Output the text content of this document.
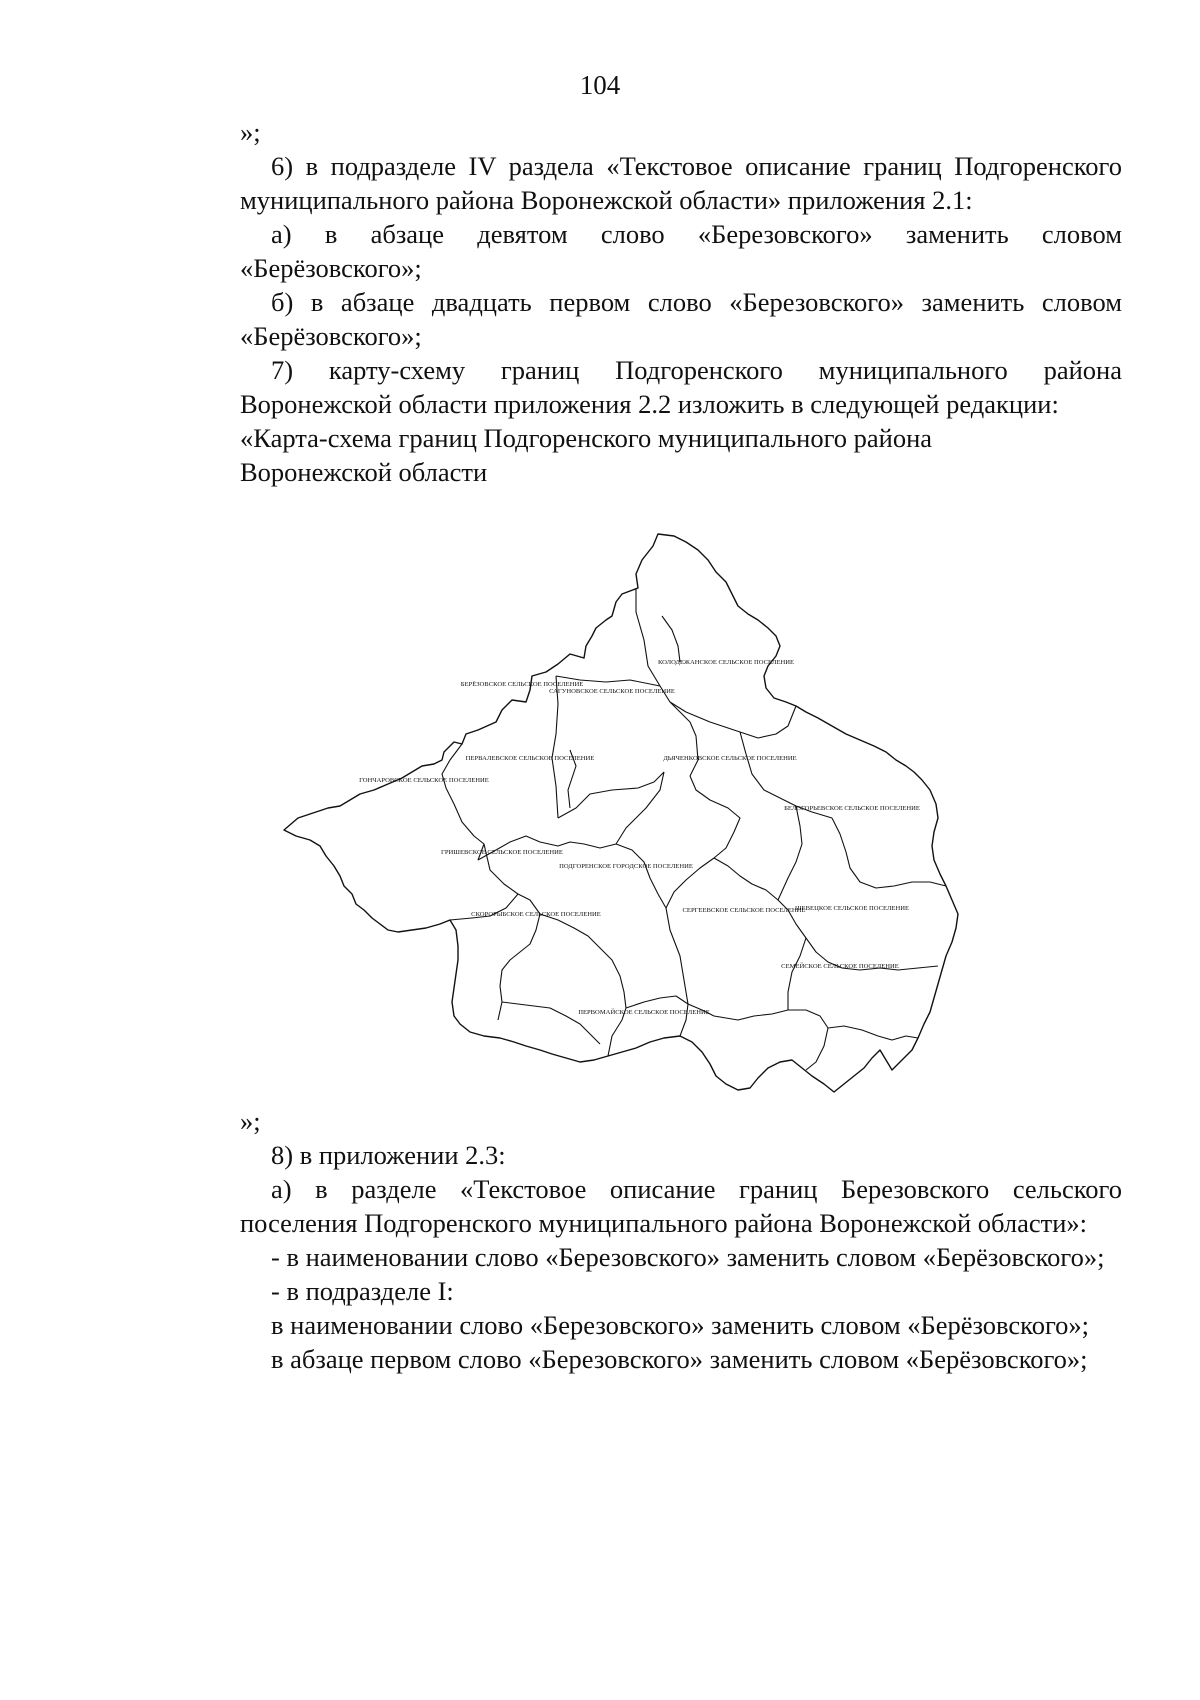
104

»;

6) в подразделе IV раздела «Текстовое описание границ Подгоренского муниципального района Воронежской области» приложения 2.1:

а) в абзаце девятом слово «Березовского» заменить словом «Берёзовского»;

б) в абзаце двадцать первом слово «Березовского» заменить словом «Берёзовского»;

7) карту-схему границ Подгоренского муниципального района Воронежской области приложения 2.2 изложить в следующей редакции:

«Карта-схема границ Подгоренского муниципального района

Воронежской области

САГУНОВСКОЕ СЕЛЬСКОЕ ПОСЕЛЕНИЕ
КОЛОДЕЖАНСКОЕ СЕЛЬСКОЕ ПОСЕЛЕНИЕ
БЕРЁЗОВСКОЕ СЕЛЬСКОЕ ПОСЕЛЕНИЕ
ГОНЧАРОВСКОЕ СЕЛЬСКОЕ ПОСЕЛЕНИЕ
ПЕРВАЛЕВСКОЕ СЕЛЬСКОЕ ПОСЕЛЕНИЕ	ДЬЯЧЕНКОВСКОЕ СЕЛЬСКОЕ ПОСЕЛЕНИЕ
БЕЛОГОРЬЕВСКОЕ СЕЛЬСКОЕ ПОСЕЛЕНИЕ
ГРИШЕВСКОЕ СЕЛЬСКОЕ ПОСЕЛЕНИЕ
ПОДГОРЕНСКОЕ ГОРОДСКОЕ ПОСЕЛЕНИЕ
СКОРОРЫБСКОЕ СЕЛЬСКОЕ ПОСЕЛЕНИЕ
СЕРГЕЕВСКОЕ СЕЛЬСКОЕ ПОСЕЛЕНИЕ
ШЕВЕЦКОЕ СЕЛЬСКОЕ ПОСЕЛЕНИЕ
ПЕРВОМАЙСКОЕ СЕЛЬСКОЕ ПОСЕЛЕНИЕ
СЕМЕЙСКОЕ СЕЛЬСКОЕ ПОСЕЛЕНИЕ

»;

8) в приложении 2.3:

а) в разделе «Текстовое описание границ Березовского сельского поселения Подгоренского муниципального района Воронежской области»:

- в наименовании слово «Березовского» заменить словом «Берёзовского»;

- в подразделе I:

в наименовании слово «Березовского» заменить словом «Берёзовского»;

в абзаце первом слово «Березовского» заменить словом «Берёзовского»;
